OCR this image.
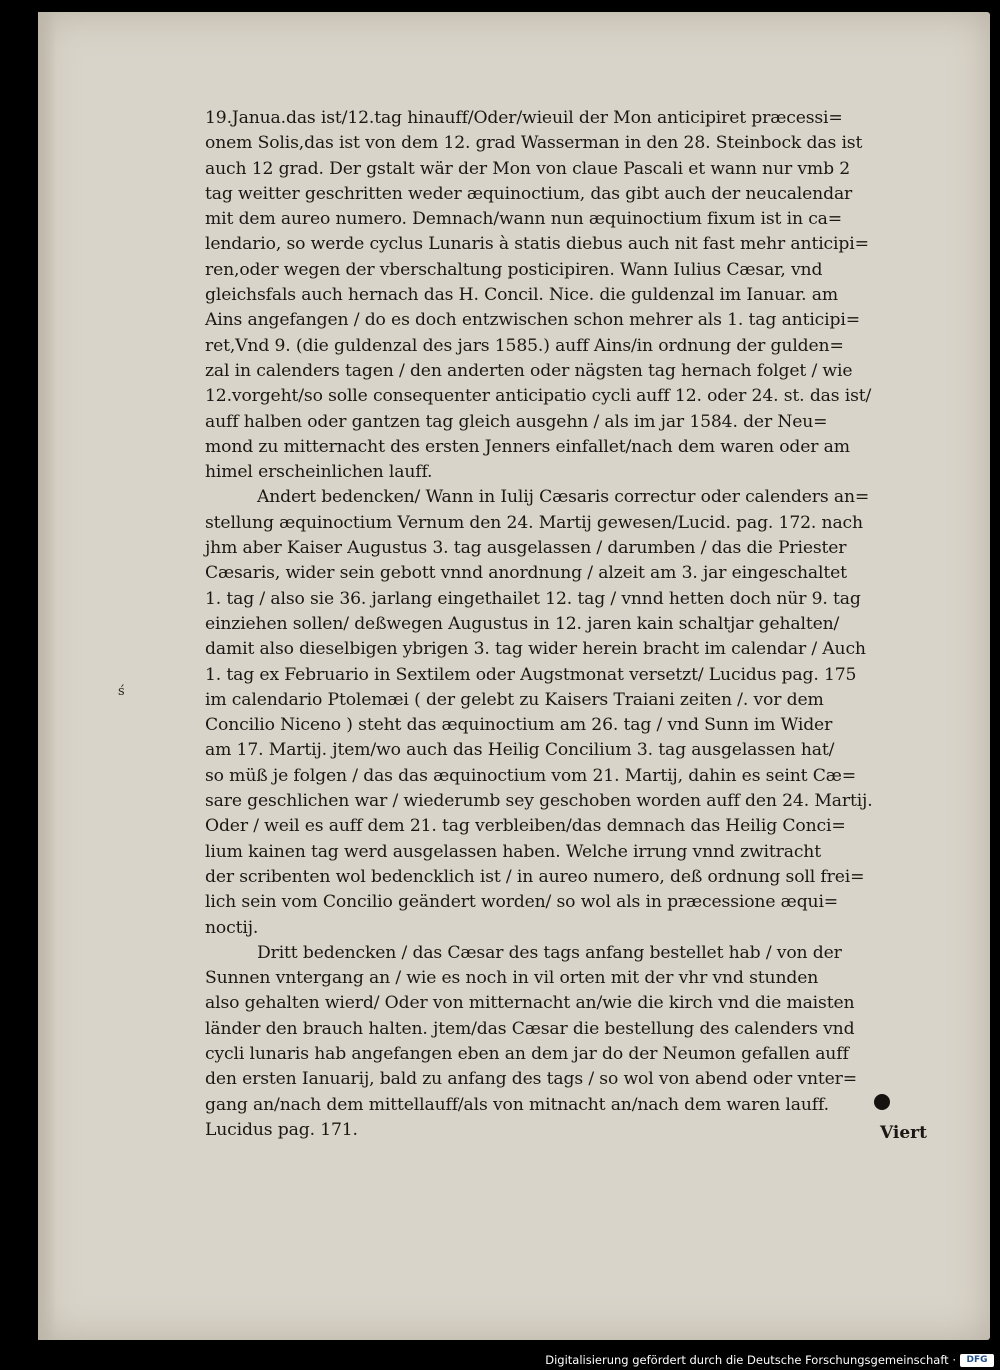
19.Janua.das ist/12.tag hinauff/Oder/wieuil der Mon anticipiret præcessi=
onem Solis,das ist von dem 12. grad Wasserman in den 28. Steinbock das ist
auch 12 grad. Der gstalt wär der Mon von claue Pascali et wann nur vmb 2
tag weitter geschritten weder æquinoctium, das gibt auch der neucalendar
mit dem aureo numero. Demnach/wann nun æquinoctium fixum ist in ca=
lendario, so werde cyclus Lunaris à statis diebus auch nit fast mehr anticipi=
ren,oder wegen der vberschaltung posticipiren. Wann Iulius Cæsar, vnd
gleichsfals auch hernach das H. Concil. Nice. die guldenzal im Ianuar. am
Ains angefangen / do es doch entzwischen schon mehrer als 1. tag anticipi=
ret,Vnd 9. (die guldenzal des jars 1585.) auff Ains/in ordnung der gulden=
zal in calenders tagen / den anderten oder nägsten tag hernach folget / wie
12.vorgeht/so solle consequenter anticipatio cycli auff 12. oder 24. st. das ist/
auff halben oder gantzen tag gleich ausgehn / als im jar 1584. der Neu=
mond zu mitternacht des ersten Jenners einfallet/nach dem waren oder am
himel erscheinlichen lauff.
Andert bedencken/ Wann in Iulij Cæsaris correctur oder calenders an=
stellung æquinoctium Vernum den 24. Martij gewesen/Lucid. pag. 172. nach
jhm aber Kaiser Augustus 3. tag ausgelassen / darumben / das die Priester
Cæsaris, wider sein gebott vnnd anordnung / alzeit am 3. jar eingeschaltet
1. tag / also sie 36. jarlang eingethailet 12. tag / vnnd hetten doch nür 9. tag
einziehen sollen/ deßwegen Augustus in 12. jaren kain schaltjar gehalten/
damit also dieselbigen ybrigen 3. tag wider herein bracht im calendar / Auch
1. tag ex Februario in Sextilem oder Augstmonat versetzt/ Lucidus pag. 175
im calendario Ptolemæi ( der gelebt zu Kaisers Traiani zeiten /. vor dem
Concilio Niceno ) steht das æquinoctium am 26. tag / vnd Sunn im Wider
am 17. Martij. jtem/wo auch das Heilig Concilium 3. tag ausgelassen hat/
so müß je folgen / das das æquinoctium vom 21. Martij, dahin es seint Cæ=
sare geschlichen war / wiederumb sey geschoben worden auff den 24. Martij.
Oder / weil es auff dem 21. tag verbleiben/das demnach das Heilig Conci=
lium kainen tag werd ausgelassen haben. Welche irrung vnnd zwitracht
der scribenten wol bedencklich ist / in aureo numero, deß ordnung soll frei=
lich sein vom Concilio geändert worden/ so wol als in præcessione æqui=
noctij.
Dritt bedencken / das Cæsar des tags anfang bestellet hab / von der
Sunnen vntergang an / wie es noch in vil orten mit der vhr vnd stunden
also gehalten wierd/ Oder von mitternacht an/wie die kirch vnd die maisten
länder den brauch halten. jtem/das Cæsar die bestellung des calenders vnd
cycli lunaris hab angefangen eben an dem jar do der Neumon gefallen auff
den ersten Ianuarij, bald zu anfang des tags / so wol von abend oder vnter=
gang an/nach dem mittellauff/als von mitnacht an/nach dem waren lauff.
Lucidus pag. 171.
ś
Viert
Digitalisierung gefördert durch die Deutsche Forschungsgemeinschaft ·	DFG
